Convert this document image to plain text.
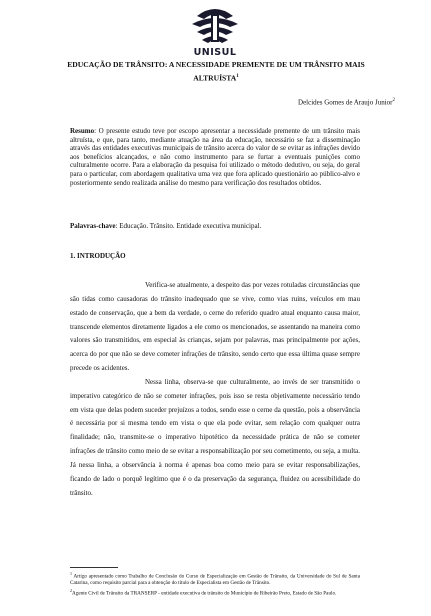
UNISUL
EDUCAÇÃO DE TRÂNSITO: A NECESSIDADE PREMENTE DE UM TRÂNSITO MAIS ALTRUÍSTA$^1$
Delcides Gomes de Araujo Junior$^2$
Resumo: O presente estudo teve por escopo apresentar a necessidade premente de um trânsito mais altruísta, e que, para tanto, mediante atuação na área da educação, necessário se faz a disseminação através das entidades executivas municipais de trânsito acerca do valor de se evitar as infrações devido aos benefícios alcançados, e não como instrumento para se furtar a eventuais punições como culturalmente ocorre. Para a elaboração da pesquisa foi utilizado o método dedutivo, ou seja, do geral para o particular, com abordagem qualitativa uma vez que fora aplicado questionário ao público-alvo e posteriormente sendo realizada análise do mesmo para verificação dos resultados obtidos.
Palavras-chave: Educação. Trânsito. Entidade executiva municipal.
1. INTRODUÇÃO

Verifica-se atualmente, a despeito das por vezes rotuladas circunstâncias que são tidas como causadoras do trânsito inadequado que se vive, como vias ruins, veículos em mau estado de conservação, que a bem da verdade, o cerne do referido quadro atual enquanto causa maior, transcende elementos diretamente ligados a ele como os mencionados, se assentando na maneira como valores são transmitidos, em especial às crianças, sejam por palavras, mas principalmente por ações, acerca do por que não se deve cometer infrações de trânsito, sendo certo que essa última quase sempre precede os acidentes.

Nessa linha, observa-se que culturalmente, ao invés de ser transmitido o imperativo categórico de não se cometer infrações, pois isso se resta objetivamente necessário tendo em vista que delas podem suceder prejuízos a todos, sendo esse o cerne da questão, pois a observância é necessária por si mesma tendo em vista o que ela pode evitar, sem relação com qualquer outra finalidade; não, transmite-se o imperativo hipotético da necessidade prática de não se cometer infrações de trânsito como meio de se evitar a responsabilização por seu cometimento, ou seja, a multa. Já nessa linha, a observância à norma é apenas boa como meio para se evitar responsabilizações, ficando de lado o porquê legítimo que é o da preservação da segurança, fluidez ou acessibilidade do trânsito.

$^1$ Artigo apresentado como Trabalho de Conclusão do Curso de Especialização em Gestão de Trânsito, da Universidade do Sul de Santa Catarina, como requisito parcial para a obtenção do título de Especialista em Gestão de Trânsito.

$^2$Agente Civil de Trânsito da TRANSERP - entidade executiva de trânsito do Município de Ribeirão Preto, Estado de São Paulo.
